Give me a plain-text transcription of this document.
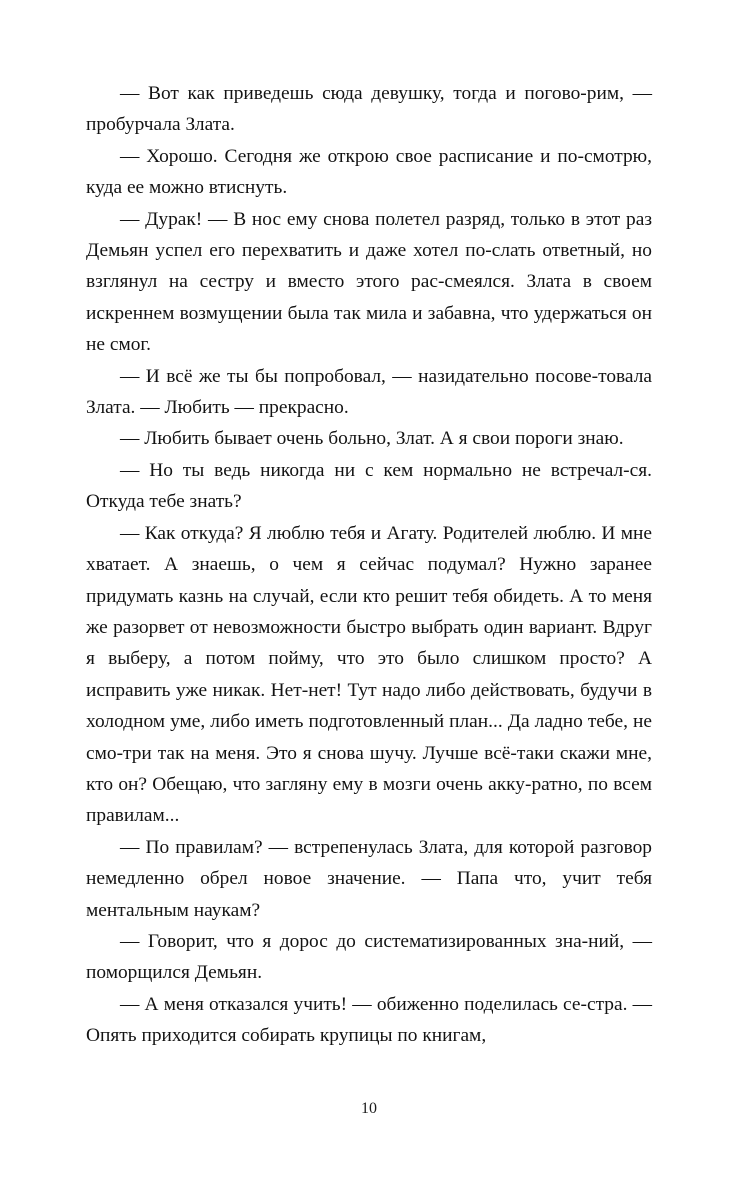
— Вот как приведешь сюда девушку, тогда и погово-рим, — пробурчала Злата.

— Хорошо. Сегодня же открою свое расписание и по-смотрю, куда ее можно втиснуть.

— Дурак! — В нос ему снова полетел разряд, только в этот раз Демьян успел его перехватить и даже хотел по-слать ответный, но взглянул на сестру и вместо этого рас-смеялся. Злата в своем искреннем возмущении была так мила и забавна, что удержаться он не смог.

— И всё же ты бы попробовал, — назидательно посове-товала Злата. — Любить — прекрасно.

— Любить бывает очень больно, Злат. А я свои пороги знаю.

— Но ты ведь никогда ни с кем нормально не встречал-ся. Откуда тебе знать?

— Как откуда? Я люблю тебя и Агату. Родителей люблю. И мне хватает. А знаешь, о чем я сейчас подумал? Нужно заранее придумать казнь на случай, если кто решит тебя обидеть. А то меня же разорвет от невозможности быстро выбрать один вариант. Вдруг я выберу, а потом пойму, что это было слишком просто? А исправить уже никак. Нет-нет! Тут надо либо действовать, будучи в холодном уме, либо иметь подготовленный план... Да ладно тебе, не смо-три так на меня. Это я снова шучу. Лучше всё-таки скажи мне, кто он? Обещаю, что загляну ему в мозги очень акку-ратно, по всем правилам...

— По правилам? — встрепенулась Злата, для которой разговор немедленно обрел новое значение. — Папа что, учит тебя ментальным наукам?

— Говорит, что я дорос до систематизированных зна-ний, — поморщился Демьян.

— А меня отказался учить! — обиженно поделилась се-стра. — Опять приходится собирать крупицы по книгам,

10
